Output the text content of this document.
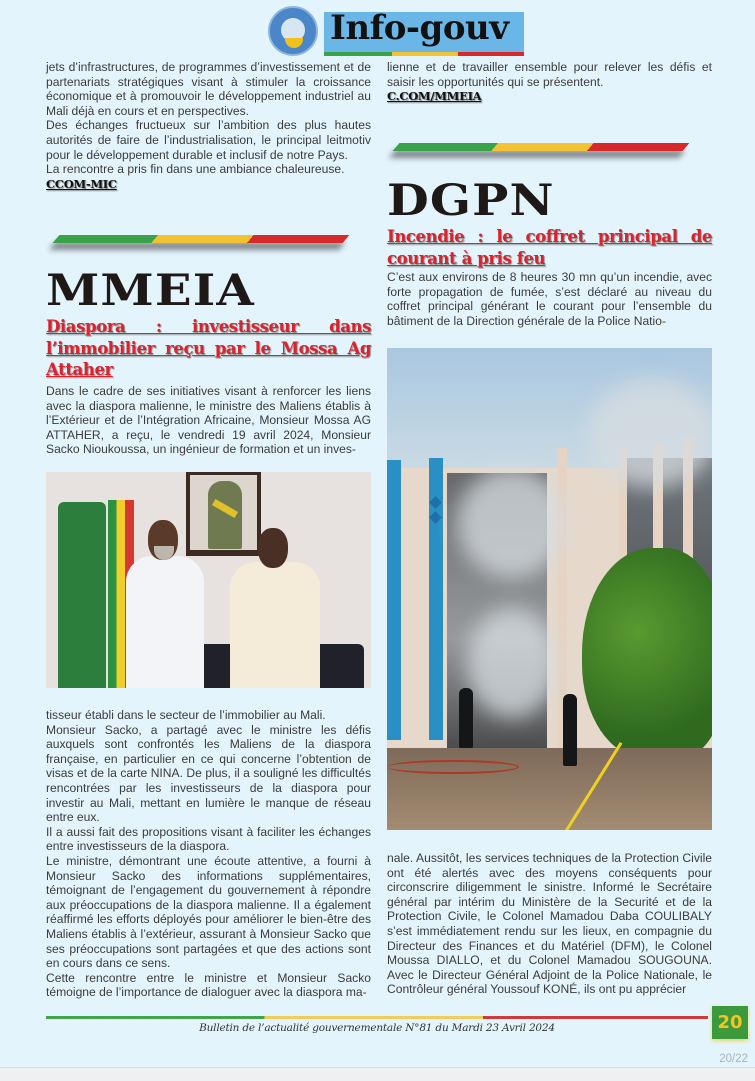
Info-gouv

jets d’infrastructures, de programmes d’investissement et de partenariats stratégiques visant à stimuler la croissance économique et à promouvoir le développement industriel au Mali déjà en cours et en perspectives.

Des échanges fructueux sur l’ambition des plus hautes autorités de faire de l’industrialisation, le principal leitmotiv pour le développement durable et inclusif de notre Pays.

La rencontre a pris fin dans une ambiance chaleureuse.

CCOM-MIC

MMEIA
Diaspora : investisseur dans l’immobilier reçu par le Mossa Ag Attaher

Dans le cadre de ses initiatives visant à renforcer les liens avec la diaspora malienne, le ministre des Maliens établis à l’Extérieur et de l’Intégration Africaine, Monsieur Mossa AG ATTAHER, a reçu, le vendredi 19 avril 2024, Monsieur Sacko Nioukoussa, un ingénieur de formation et un inves-

tisseur établi dans le secteur de l’immobilier au Mali.

Monsieur Sacko, a partagé avec le ministre les défis auxquels sont confrontés les Maliens de la diaspora française, en particulier en ce qui concerne l’obtention de visas et de la carte NINA. De plus, il a souligné les difficultés rencontrées par les investisseurs de la diaspora pour investir au Mali, mettant en lumière le manque de réseau entre eux.

Il a aussi fait des propositions visant à faciliter les échanges entre investisseurs de la diaspora.

Le ministre, démontrant une écoute attentive, a fourni à Monsieur Sacko des informations supplémentaires, témoignant de l’engagement du gouvernement à répondre aux préoccupations de la diaspora malienne. Il a également réaffirmé les efforts déployés pour améliorer le bien-être des Maliens établis à l’extérieur, assurant à Monsieur Sacko que ses préoccupations sont partagées et que des actions sont en cours dans ce sens.

Cette rencontre entre le ministre et Monsieur Sacko témoigne de l’importance de dialoguer avec la diaspora ma-

lienne et de travailler ensemble pour relever les défis et saisir les opportunités qui se présentent.

C.COM/MMEIA

DGPN
Incendie : le coffret principal de courant à pris feu

C’est aux environs de 8 heures 30 mn qu’un incendie, avec forte propagation de fumée, s’est déclaré au niveau du coffret principal générant le courant pour l’ensemble du bâtiment de la Direction générale de la Police Natio-

nale. Aussitôt, les services techniques de la Protection Civile ont été alertés avec des moyens conséquents pour circonscrire diligemment le sinistre. Informé le Secrétaire général par intérim du Ministère de la Securité et de la Protection Civile, le Colonel Mamadou Daba COULIBALY s’est immédiatement rendu sur les lieux, en compagnie du Directeur des Finances et du Matériel (DFM), le Colonel Moussa DIALLO, et du Colonel Mamadou SOUGOUNA. Avec le Directeur Général Adjoint de la Police Nationale, le Contrôleur général Youssouf KONÉ, ils ont pu apprécier

Bulletin de l’actualité gouvernementale N°81 du Mardi 23 Avril 2024	20
20/22
